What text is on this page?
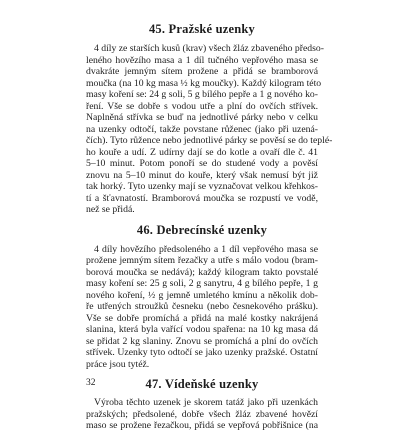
45. Pražské uzenky
4 díly ze starších kusů (krav) všech žláz zbaveného předso-
leného hovězího masa a 1 díl tučného vepřového masa se
dvakráte jemným sítem prožene a přidá se bramborová
moučka (na 10 kg masa ½ kg moučky). Každý kilogram této
masy koření se: 24 g soli, 5 g bílého pepře a 1 g nového ko-
ření. Vše se dobře s vodou utře a plní do ovčích střívek.
Naplněná střívka se buď na jednotlivé párky nebo v celku
na uzenky odtočí, takže povstane růženec (jako při uzená-
čích). Tyto růžence nebo jednotlivé párky se pověsí se do teplé-
ho kouře a udí. Z udírny dají se do kotle a ovaří dle č. 41
5–10 minut. Potom ponoří se do studené vody a pověsí
znovu na 5–10 minut do kouře, který však nemusí být již
tak horký. Tyto uzenky mají se vyznačovat velkou křehkos-
tí a šťavnatostí. Bramborová moučka se rozpustí ve vodě,
než se přidá.
46. Debrecínské uzenky
4 díly hovězího předsoleného a 1 díl vepřového masa se
prožene jemným sítem řezačky a utře s málo vodou (bram-
borová moučka se nedává); každý kilogram takto povstalé
masy koření se: 25 g soli, 2 g sanytru, 4 g bílého pepře, 1 g
nového koření, ½ g jemně umletého kmínu a několik dob-
ře utřených stroužků česneku (nebo česnekového prášku).
Vše se dobře promíchá a přidá na malé kostky nakrájená
slanina, která byla vařící vodou spařena: na 10 kg masa dá
se přidat 2 kg slaniny. Znovu se promíchá a plní do ovčích
střívek. Uzenky tyto odtočí se jako uzenky pražské. Ostatní
práce jsou tytéž.
47. Vídeňské uzenky
Výroba těchto uzenek je skorem tatáž jako při uzenkách
pražských; předsolené, dobře všech žláz zbavené hovězí
maso se prožene řezačkou, přidá se vepřová pobřišnice (na
32
